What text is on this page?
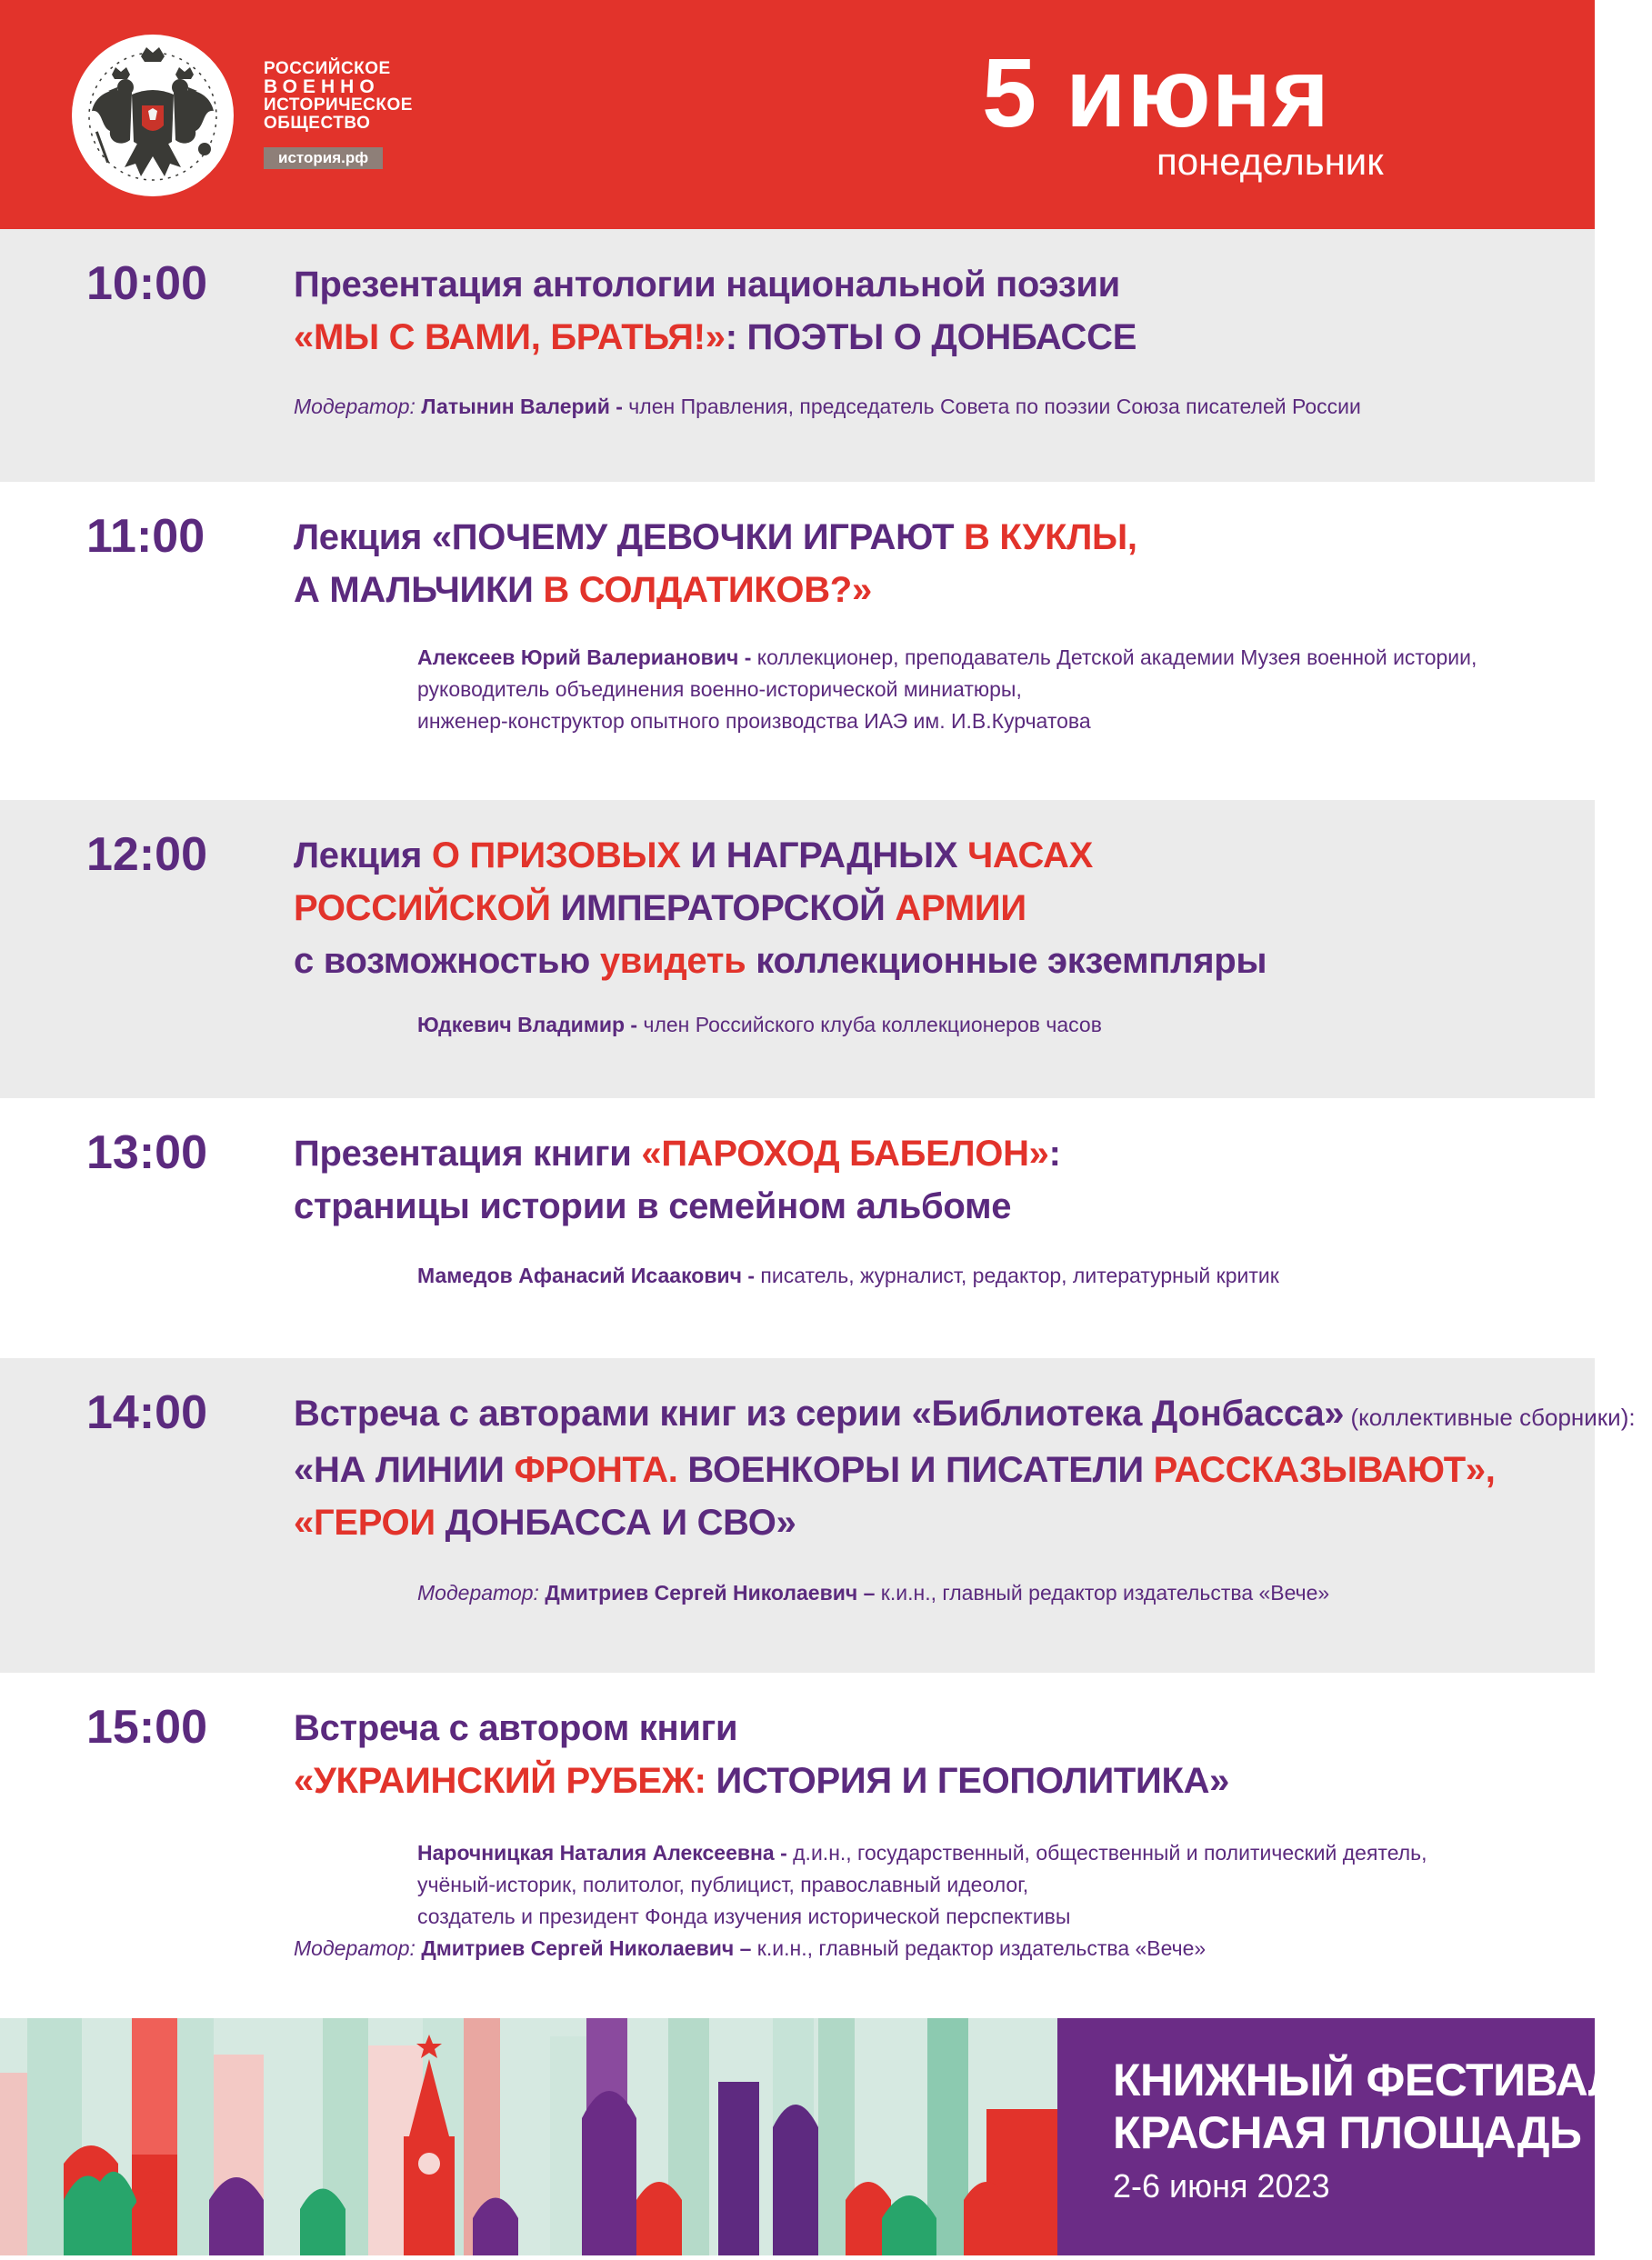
РОССИЙСКОЕ
ВОЕННО
ИСТОРИЧЕСКОЕ
ОБЩЕСТВО
история.рф
5 июня
понедельник
10:00 Презентация антологии национальной поэзии
«МЫ С ВАМИ, БРАТЬЯ!»: ПОЭТЫ О ДОНБАССЕ
Модератор: Латынин Валерий - член Правления, председатель Совета по поэзии Союза писателей России
11:00 Лекция «ПОЧЕМУ ДЕВОЧКИ ИГРАЮТ В КУКЛЫ,
А МАЛЬЧИКИ В СОЛДАТИКОВ?»
Алексеев Юрий Валерианович - коллекционер, преподаватель Детской академии Музея военной истории,
руководитель объединения военно-исторической миниатюры,
инженер-конструктор опытного производства ИАЭ им. И.В.Курчатова
12:00 Лекция О ПРИЗОВЫХ И НАГРАДНЫХ ЧАСАХ
РОССИЙСКОЙ ИМПЕРАТОРСКОЙ АРМИИ
с возможностью увидеть коллекционные экземпляры
Юдкевич Владимир - член Российского клуба коллекционеров часов
13:00 Презентация книги «ПАРОХОД БАБЕЛОН»:
страницы истории в семейном альбоме
Мамедов Афанасий Исаакович - писатель, журналист, редактор, литературный критик
14:00 Встреча с авторами книг из серии «Библиотека Донбасса» (коллективные сборники):
«НА ЛИНИИ ФРОНТА. ВОЕНКОРЫ И ПИСАТЕЛИ РАССКАЗЫВАЮТ»,
«ГЕРОИ ДОНБАССА И СВО»
Модератор: Дмитриев Сергей Николаевич – к.и.н., главный редактор издательства «Вече»
15:00 Встреча с автором книги
«УКРАИНСКИЙ РУБЕЖ: ИСТОРИЯ И ГЕОПОЛИТИКА»
Нарочницкая Наталия Алексеевна - д.и.н., государственный, общественный и политический деятель,
учёный-историк, политолог, публицист, православный идеолог,
создатель и президент Фонда изучения исторической перспективы
Модератор: Дмитриев Сергей Николаевич – к.и.н., главный редактор издательства «Вече»
КНИЖНЫЙ ФЕСТИВАЛЬ
КРАСНАЯ ПЛОЩАДЬ
2-6 июня 2023
